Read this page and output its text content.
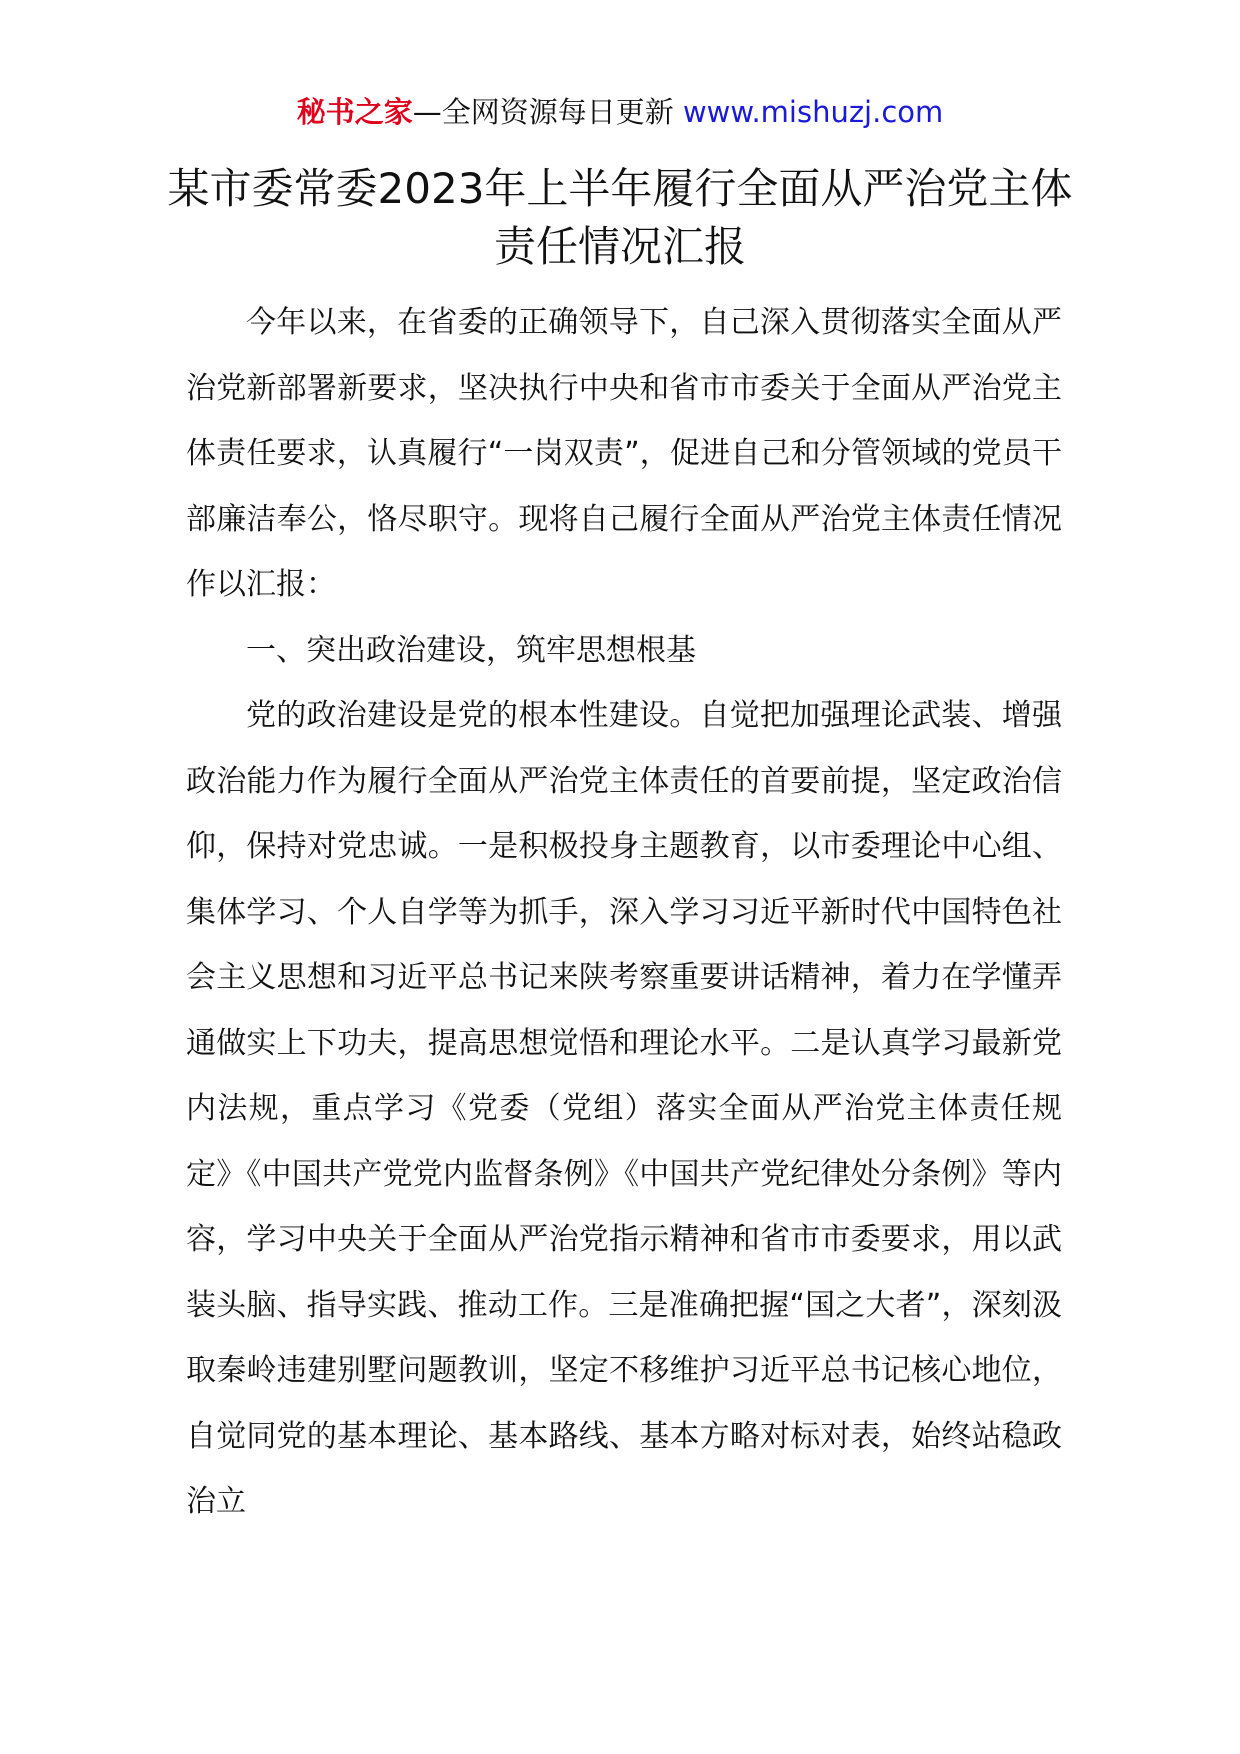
秘书之家—全网资源每日更新 www.mishuzj.com
某市委常委2023年上半年履行全面从严治党主体责任情况汇报

今年以来，在省委的正确领导下，自己深入贯彻落实全面从严治党新部署新要求，坚决执行中央和省市市委关于全面从严治党主体责任要求，认真履行“一岗双责”，促进自己和分管领域的党员干部廉洁奉公，恪尽职守。现将自己履行全面从严治党主体责任情况作以汇报：

一、突出政治建设，筑牢思想根基

党的政治建设是党的根本性建设。自觉把加强理论武装、增强政治能力作为履行全面从严治党主体责任的首要前提，坚定政治信仰，保持对党忠诚。一是积极投身主题教育，以市委理论中心组、集体学习、个人自学等为抓手，深入学习习近平新时代中国特色社会主义思想和习近平总书记来陕考察重要讲话精神，着力在学懂弄通做实上下功夫，提高思想觉悟和理论水平。二是认真学习最新党内法规，重点学习《党委（党组）落实全面从严治党主体责任规定》《中国共产党党内监督条例》《中国共产党纪律处分条例》等内容，学习中央关于全面从严治党指示精神和省市市委要求，用以武装头脑、指导实践、推动工作。三是准确把握“国之大者”，深刻汲取秦岭违建别墅问题教训，坚定不移维护习近平总书记核心地位，自觉同党的基本理论、基本路线、基本方略对标对表，始终站稳政治立
